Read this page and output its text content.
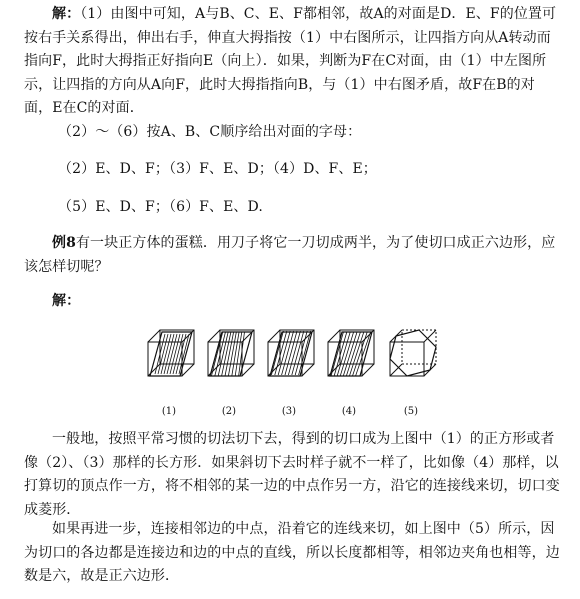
解：（1）由图中可知，A与B、C、E、F都相邻，故A的对面是D．E、F的位置可按右手关系得出，伸出右手，伸直大拇指按（1）中右图所示，让四指方向从A转动而指向F，此时大拇指正好指向E（向上）．如果，判断为F在C对面，由（1）中左图所示，让四指的方向从A向F，此时大拇指指向B，与（1）中右图矛盾，故F在B的对面，E在C的对面．
（2）～（6）按A、B、C顺序给出对面的字母：
（2）E、D、F；（3）F、E、D；（4）D、F、E；
（5）E、D、F；（6）F、E、D.
例8有一块正方体的蛋糕．用刀子将它一刀切成两半，为了使切口成正六边形，应该怎样切呢？
解：
(1)	(2)	(3)	(4)	(5)
一般地，按照平常习惯的切法切下去，得到的切口成为上图中（1）的正方形或者像（2）、（3）那样的长方形．如果斜切下去时样子就不一样了，比如像（4）那样，以打算切的顶点作一方，将不相邻的某一边的中点作另一方，沿它的连接线来切，切口变成菱形．
如果再进一步，连接相邻边的中点，沿着它的连线来切，如上图中（5）所示，因为切口的各边都是连接边和边的中点的直线，所以长度都相等，相邻边夹角也相等，边数是六，故是正六边形．
